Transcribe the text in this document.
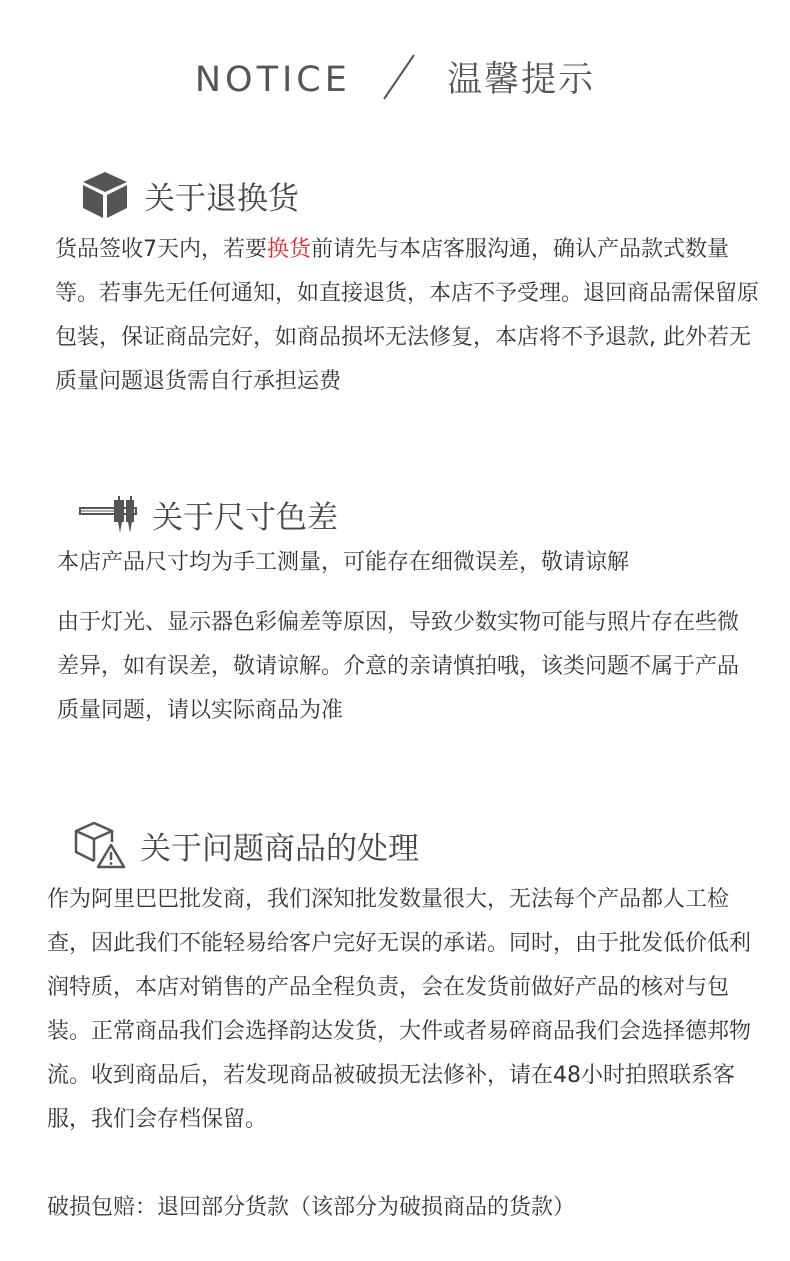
NOTICE	温馨提示
关于退换货

货品签收7天内，若要换货前请先与本店客服沟通，确认产品款式数量等。若事先无任何通知，如直接退货，本店不予受理。退回商品需保留原包装，保证商品完好，如商品损坏无法修复，本店将不予退款, 此外若无质量问题退货需自行承担运费

关于尺寸色差

本店产品尺寸均为手工测量，可能存在细微误差，敬请谅解

由于灯光、显示器色彩偏差等原因，导致少数实物可能与照片存在些微差异，如有误差，敬请谅解。介意的亲请慎拍哦，该类问题不属于产品质量同题，请以实际商品为准

关于问题商品的处理

作为阿里巴巴批发商，我们深知批发数量很大，无法每个产品都人工检查，因此我们不能轻易给客户完好无误的承诺。同时，由于批发低价低利润特质，本店对销售的产品全程负责，会在发货前做好产品的核对与包装。正常商品我们会选择韵达发货，大件或者易碎商品我们会选择德邦物流。收到商品后，若发现商品被破损无法修补，请在48小时拍照联系客服，我们会存档保留。

破损包赔：退回部分货款（该部分为破损商品的货款）
